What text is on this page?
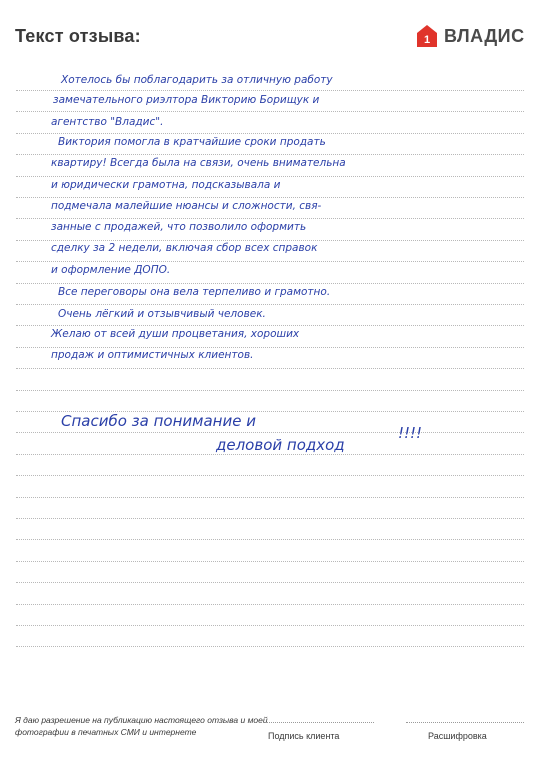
Текст отзыва:	1 ВЛАДИС
Хотелось бы поблагодарить за отличную работу
замечательного риэлтора Викторию Борищук и
агентство "Владис".
Виктория помогла в кратчайшие сроки продать
квартиру! Всегда была на связи, очень внимательна
и юридически грамотна, подсказывала и
подмечала малейшие нюансы и сложности, свя-
занные с продажей, что позволило оформить
сделку за 2 недели, включая сбор всех справок
и оформление ДОПО.
Все переговоры она вела терпеливо и грамотно.
Очень лёгкий и отзывчивый человек.
Желаю от всей души процветания, хороших
продаж и оптимистичных клиентов.
Спасибо за понимание и
деловой подход
!!!!
Я даю разрешение на публикацию настоящего отзыва и моей фотографии в печатных СМИ и интернете	Подпись клиента	Расшифровка
